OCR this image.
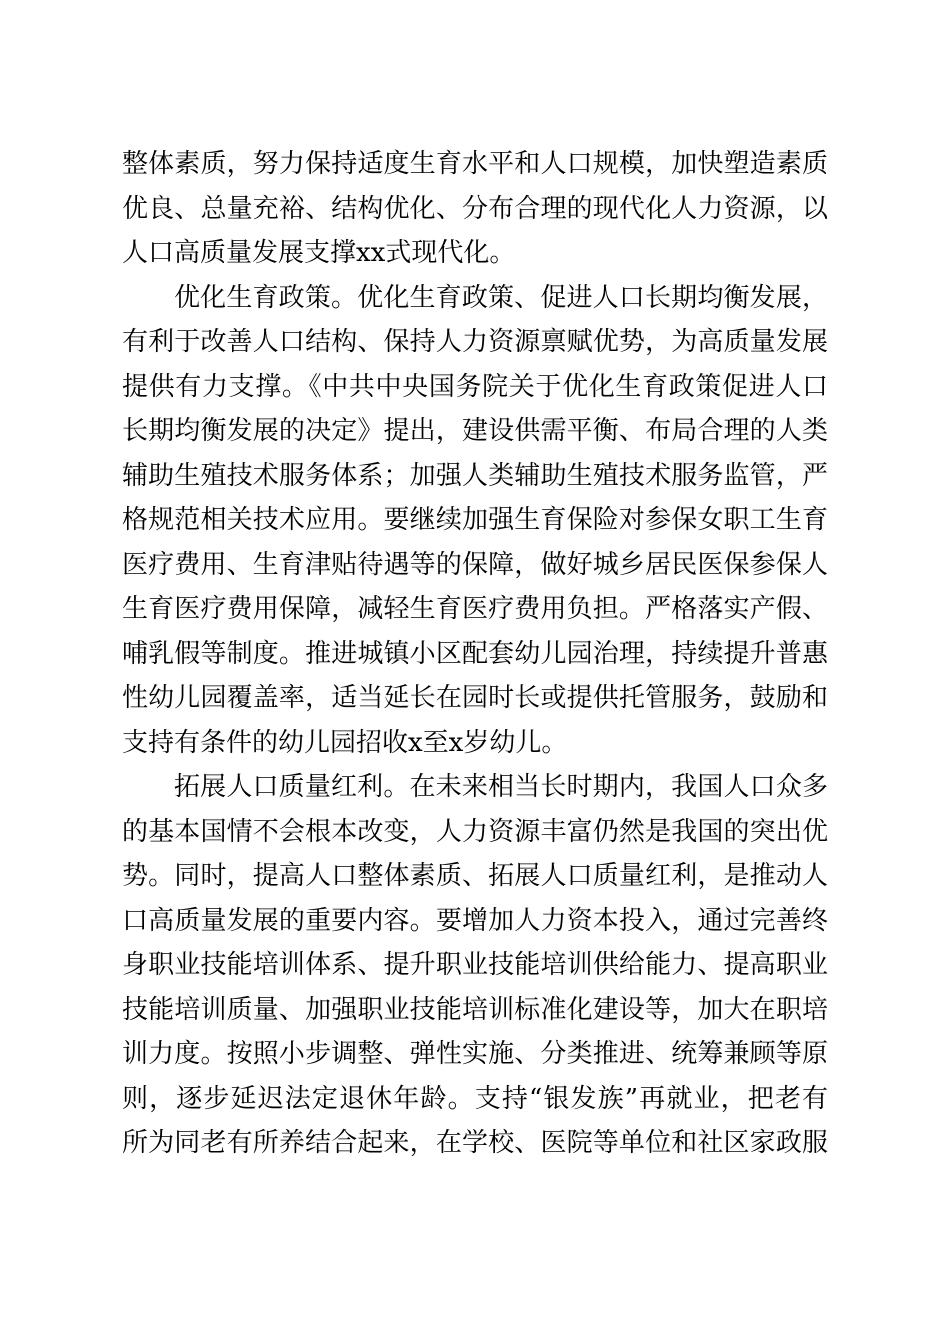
整体素质，努力保持适度生育水平和人口规模，加快塑造素质
优良、总量充裕、结构优化、分布合理的现代化人力资源，以
人口高质量发展支撑xx式现代化。
优化生育政策。优化生育政策、促进人口长期均衡发展，
有利于改善人口结构、保持人力资源禀赋优势，为高质量发展
提供有力支撑。《中共中央国务院关于优化生育政策促进人口
长期均衡发展的决定》提出，建设供需平衡、布局合理的人类
辅助生殖技术服务体系；加强人类辅助生殖技术服务监管，严
格规范相关技术应用。要继续加强生育保险对参保女职工生育
医疗费用、生育津贴待遇等的保障，做好城乡居民医保参保人
生育医疗费用保障，减轻生育医疗费用负担。严格落实产假、
哺乳假等制度。推进城镇小区配套幼儿园治理，持续提升普惠
性幼儿园覆盖率，适当延长在园时长或提供托管服务，鼓励和
支持有条件的幼儿园招收x至x岁幼儿。
拓展人口质量红利。在未来相当长时期内，我国人口众多
的基本国情不会根本改变，人力资源丰富仍然是我国的突出优
势。同时，提高人口整体素质、拓展人口质量红利，是推动人
口高质量发展的重要内容。要增加人力资本投入，通过完善终
身职业技能培训体系、提升职业技能培训供给能力、提高职业
技能培训质量、加强职业技能培训标准化建设等，加大在职培
训力度。按照小步调整、弹性实施、分类推进、统筹兼顾等原
则，逐步延迟法定退休年龄。支持“银发族”再就业，把老有
所为同老有所养结合起来，在学校、医院等单位和社区家政服
